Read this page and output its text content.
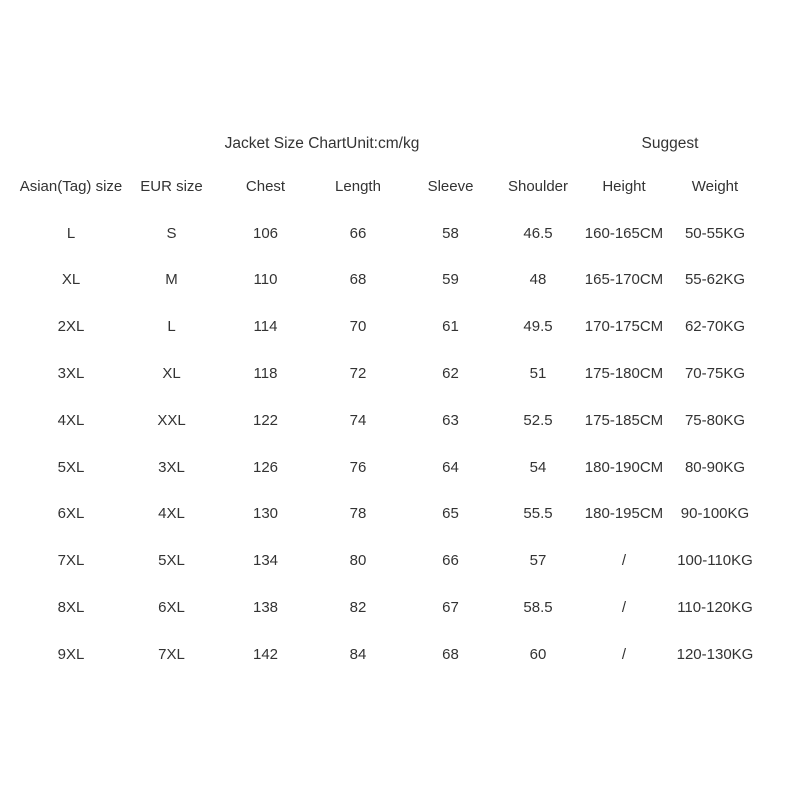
Jacket Size ChartUnit:cm/kg	Suggest
Asian(Tag) size	EUR size	Chest	Length	Sleeve	Shoulder	Height	Weight
L	S	106	66	58	46.5	160-165CM	50-55KG
XL	M	110	68	59	48	165-170CM	55-62KG
2XL	L	114	70	61	49.5	170-175CM	62-70KG
3XL	XL	118	72	62	51	175-180CM	70-75KG
4XL	XXL	122	74	63	52.5	175-185CM	75-80KG
5XL	3XL	126	76	64	54	180-190CM	80-90KG
6XL	4XL	130	78	65	55.5	180-195CM	90-100KG
7XL	5XL	134	80	66	57	/	100-110KG
8XL	6XL	138	82	67	58.5	/	110-120KG
9XL	7XL	142	84	68	60	/	120-130KG
